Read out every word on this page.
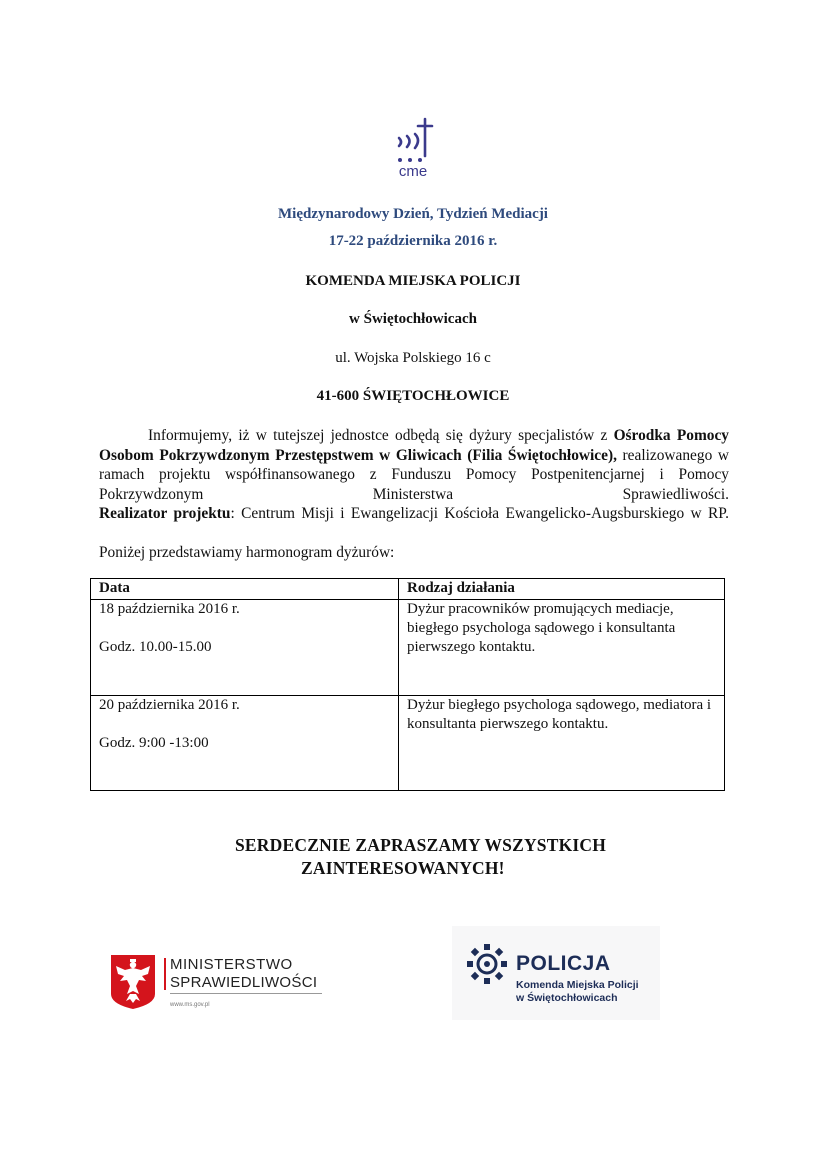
cme
Międzynarodowy Dzień, Tydzień Mediacji
17-22 października 2016 r.
KOMENDA MIEJSKA POLICJI
w Świętochłowicach
ul. Wojska Polskiego 16 c
41-600 ŚWIĘTOCHŁOWICE
Informujemy, iż w tutejszej jednostce odbędą się dyżury specjalistów z Ośrodka Pomocy Osobom Pokrzywdzonym Przestępstwem w Gliwicach (Filia Świętochłowice), realizowanego w ramach projektu współfinansowanego z Funduszu Pomocy Postpenitencjarnej i Pomocy Pokrzywdzonym Ministerstwa Sprawiedliwości.
Realizator projektu: Centrum Misji i Ewangelizacji Kościoła Ewangelicko-Augsburskiego w RP.
Poniżej przedstawiamy harmonogram dyżurów:
Data	Rodzaj działania

18 października 2016 r.
Godz. 10.00-15.00	Dyżur pracowników promujących mediacje, biegłego psychologa sądowego i konsultanta pierwszego kontaktu.

20 października 2016 r.
Godz. 9:00 -13:00	Dyżur biegłego psychologa sądowego, mediatora i konsultanta pierwszego kontaktu.
SERDECZNIE ZAPRASZAMY WSZYSTKICH
ZAINTERESOWANYCH!
MINISTERSTWO
SPRAWIEDLIWOŚCI
www.ms.gov.pl
POLICJA
Komenda Miejska Policji
w Świętochłowicach
